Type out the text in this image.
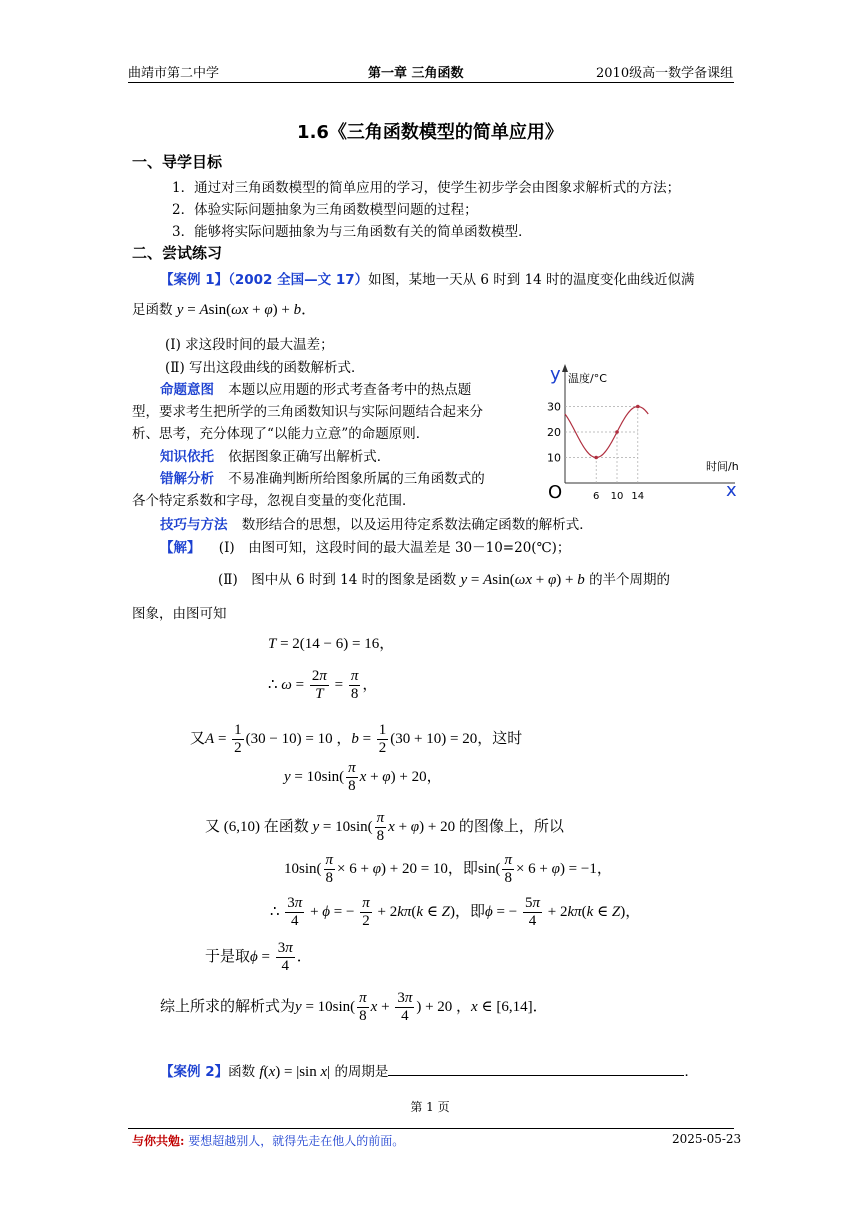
曲靖市第二中学	第一章 三角函数	2010级高一数学备课组
1.6《三角函数模型的简单应用》
一、导学目标
1．通过对三角函数模型的简单应用的学习，使学生初步学会由图象求解析式的方法；
2．体验实际问题抽象为三角函数模型问题的过程；
3．能够将实际问题抽象为与三角函数有关的简单函数模型．
二、尝试练习
【案例 1】（2002 全国—文 17）如图，某地一天从 6 时到 14 时的温度变化曲线近似满
足函数 y = Asin(ωx + φ) + b．
(Ⅰ) 求这段时间的最大温差；
(Ⅱ) 写出这段曲线的函数解析式．
命题意图 本题以应用题的形式考查备考中的热点题
型，要求考生把所学的三角函数知识与实际问题结合起来分
析、思考，充分体现了“以能力立意”的命题原则．
知识依托 依据图象正确写出解析式．
错解分析 不易准确判断所给图象所属的三角函数式的
各个特定系数和字母，忽视自变量的变化范围．
技巧与方法 数形结合的思想，以及运用待定系数法确定函数的解析式．
10
20
30
6 10 14
y 温度/°C
O	x
时间/h
【解】 (Ⅰ)　由图可知，这段时间的最大温差是 30－10=20(℃)；
(Ⅱ)　图中从 6 时到 14 时的图象是函数 y = Asin(ωx + φ) + b 的半个周期的
图象，由图可知
T = 2(14 − 6) = 16，
∴ $\omega = \frac{2\pi}{T} = \frac{\pi}{8}$ ，
又$A = \frac{1}{2} (30 - 10) = 10$ ，$b = \frac{1}{2} (30 + 10) = 20$，这时
$y = 10\sin( \frac{\pi}{8}$ x + φ) + 20，
又 (6,10) 在函数 $y = 10\sin( \frac{\pi}{8}$ x + φ) + 20 的图像上，所以
$10\sin( \frac{\pi}{8} \times 6 + \varphi) + 20 = 10$，即$\sin( \frac{\pi}{8} \times 6 + \varphi) = -1$，
∴ $\frac{3\pi}{4} + \phi$ = − $\frac{\pi}{2} + 2k\pi(k$ ∈ Z)，即ϕ = − $\frac{5\pi}{4} + 2k\pi(k$ ∈ Z)，
于是取$\phi = \frac{3\pi}{4}$ ．
综上所求的解析式为$y = 10\sin( \frac{\pi}{8}$ $x + \frac{3\pi}{4}$ ) + 20 ，x ∈ [6,14]．
【案例 2】函数 f(x) = |sin x| 的周期是	．
第 1 页
与你共勉: 要想超越别人，就得先走在他人的前面。	2025-05-23
